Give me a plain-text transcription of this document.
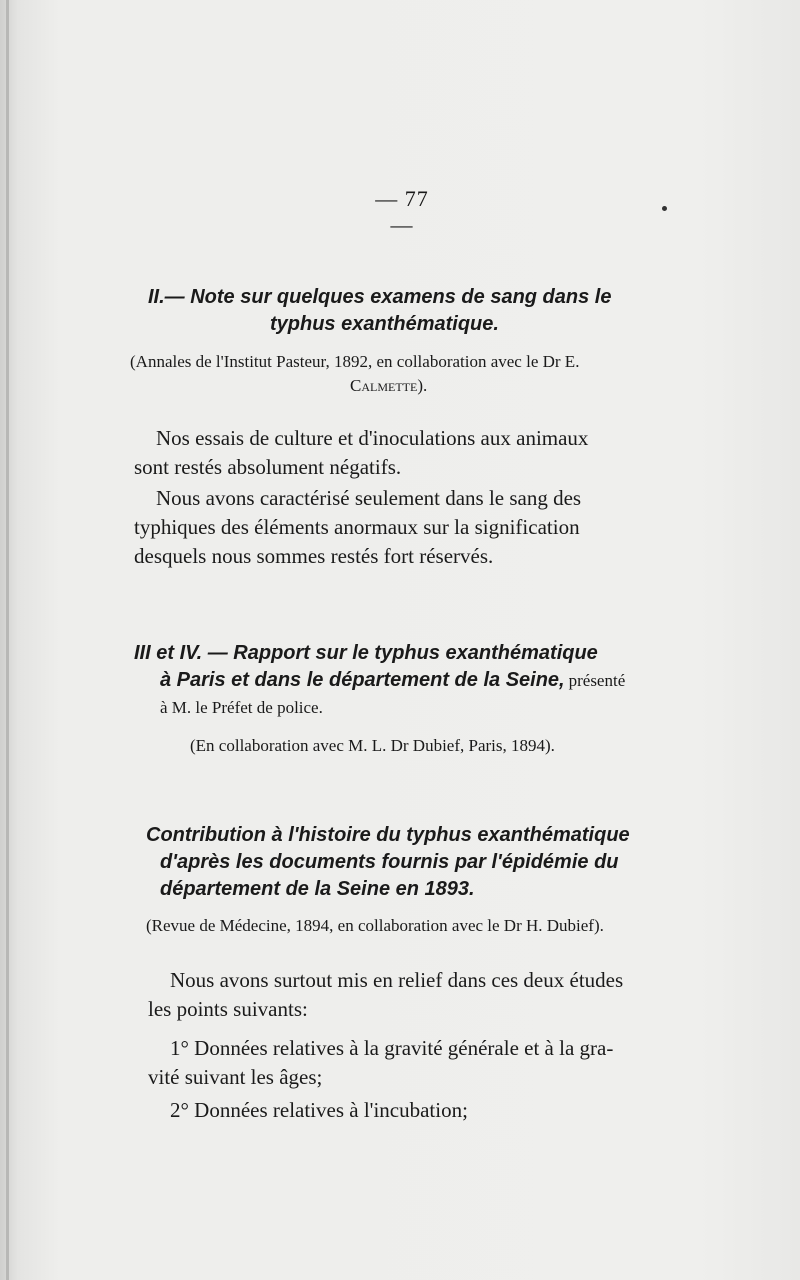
— 77 —
II.— Note sur quelques examens de sang dans le
typhus exanthématique.
(Annales de l'Institut Pasteur, 1892, en collaboration avec le Dr E.
Calmette).
Nos essais de culture et d'inoculations aux animaux
sont restés absolument négatifs.
Nous avons caractérisé seulement dans le sang des
typhiques des éléments anormaux sur la signification
desquels nous sommes restés fort réservés.
III et IV. — Rapport sur le typhus exanthématique
à Paris et dans le département de la Seine, présenté
à M. le Préfet de police.
(En collaboration avec M. L. Dr Dubief, Paris, 1894).
Contribution à l'histoire du typhus exanthématique
d'après les documents fournis par l'épidémie du
département de la Seine en 1893.
(Revue de Médecine, 1894, en collaboration avec le Dr H. Dubief).
Nous avons surtout mis en relief dans ces deux études
les points suivants:
1° Données relatives à la gravité générale et à la gra-
vité suivant les âges;
2° Données relatives à l'incubation;
